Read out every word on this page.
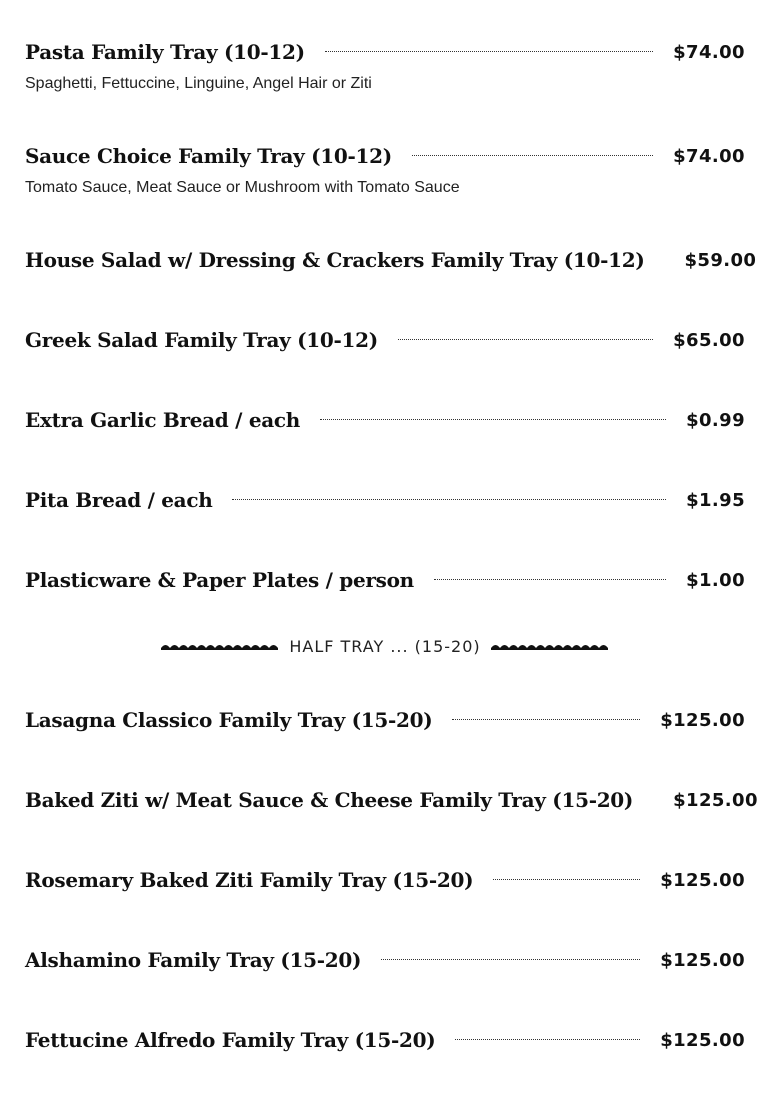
Pasta Family Tray (10-12)	$74.00
Spaghetti, Fettuccine, Linguine, Angel Hair or Ziti
Sauce Choice Family Tray (10-12)	$74.00
Tomato Sauce, Meat Sauce or Mushroom with Tomato Sauce
House Salad w/ Dressing & Crackers Family Tray (10-12) $59.00
Greek Salad Family Tray (10-12)	$65.00
Extra Garlic Bread / each	$0.99
Pita Bread / each	$1.95
Plasticware & Paper Plates / person	$1.00
Lasagna Classico Family Tray (15-20)	$125.00
Baked Ziti w/ Meat Sauce & Cheese Family Tray (15-20) $125.00
Rosemary Baked Ziti Family Tray (15-20)	$125.00
Alshamino Family Tray (15-20)	$125.00
Fettucine Alfredo Family Tray (15-20)	$125.00
HALF TRAY ... (15-20)
